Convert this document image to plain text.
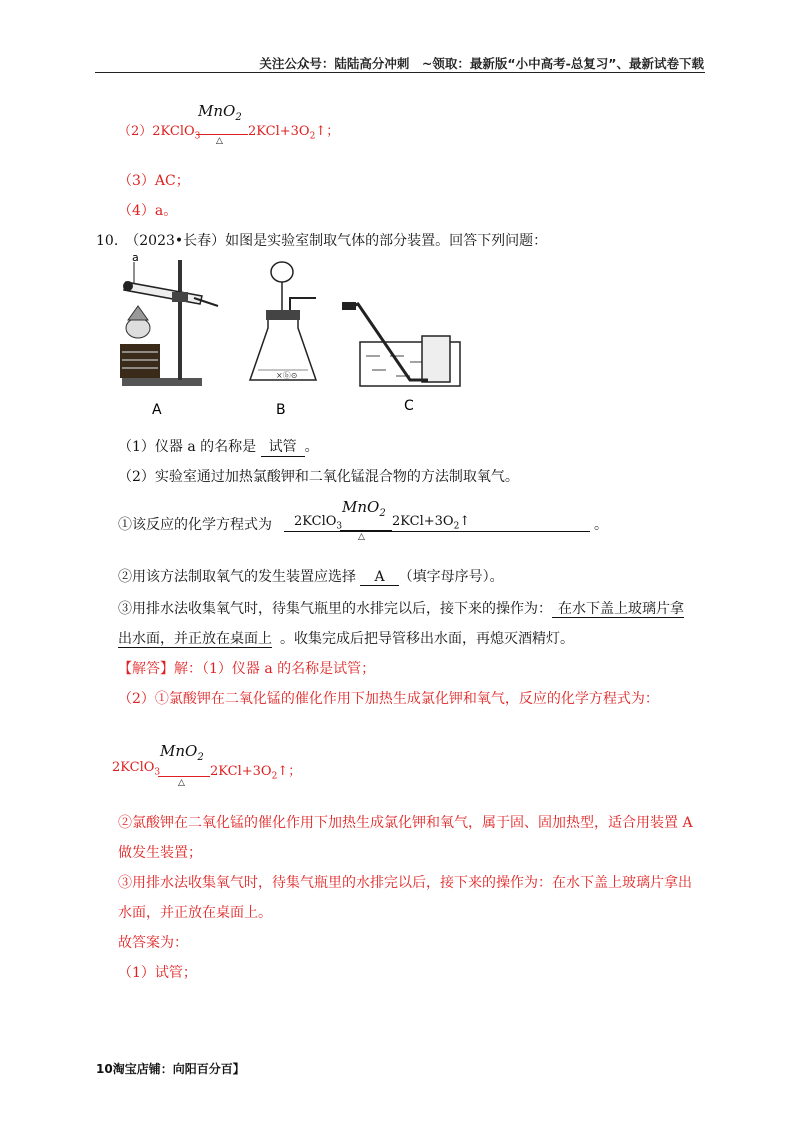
关注公众号：陆陆高分冲刺　~领取：最新版“小中高考-总复习”、最新试卷下载
（2）2KClO$_3$
MnO$_2$
△
$2KCl+3O_2↑$；
（3）AC；
（4）a。
10.　（2023•长春）如图是实验室制取气体的部分装置。回答下列问题：
a
×ⓑ⊙
A	B	C
（1）仪器 a 的名称是 试管 。
（2）实验室通过加热氯酸钾和二氧化锰混合物的方法制取氧气。
①该反应的化学方程式为 2KClO$_3$
MnO$_2$
△
$2KCl+3O_2↑$	。
②用该方法制取氧气的发生装置应选择 A （填字母序号）。
③用排水法收集氧气时，待集气瓶里的水排完以后，接下来的操作为： 在水下盖上玻璃片拿
出水面，并正放在桌面上 。收集完成后把导管移出水面，再熄灭酒精灯。
【解答】解：（1）仪器 a 的名称是试管；
（2）①氯酸钾在二氧化锰的催化作用下加热生成氯化钾和氧气，反应的化学方程式为：
2KClO$_3$
MnO$_2$
△
$2KCl+3O_2↑$；
②氯酸钾在二氧化锰的催化作用下加热生成氯化钾和氧气，属于固、固加热型，适合用装置 A
做发生装置；
③用排水法收集氧气时，待集气瓶里的水排完以后，接下来的操作为：在水下盖上玻璃片拿出
水面，并正放在桌面上。
故答案为：
（1）试管；
10淘宝店铺：向阳百分百】
